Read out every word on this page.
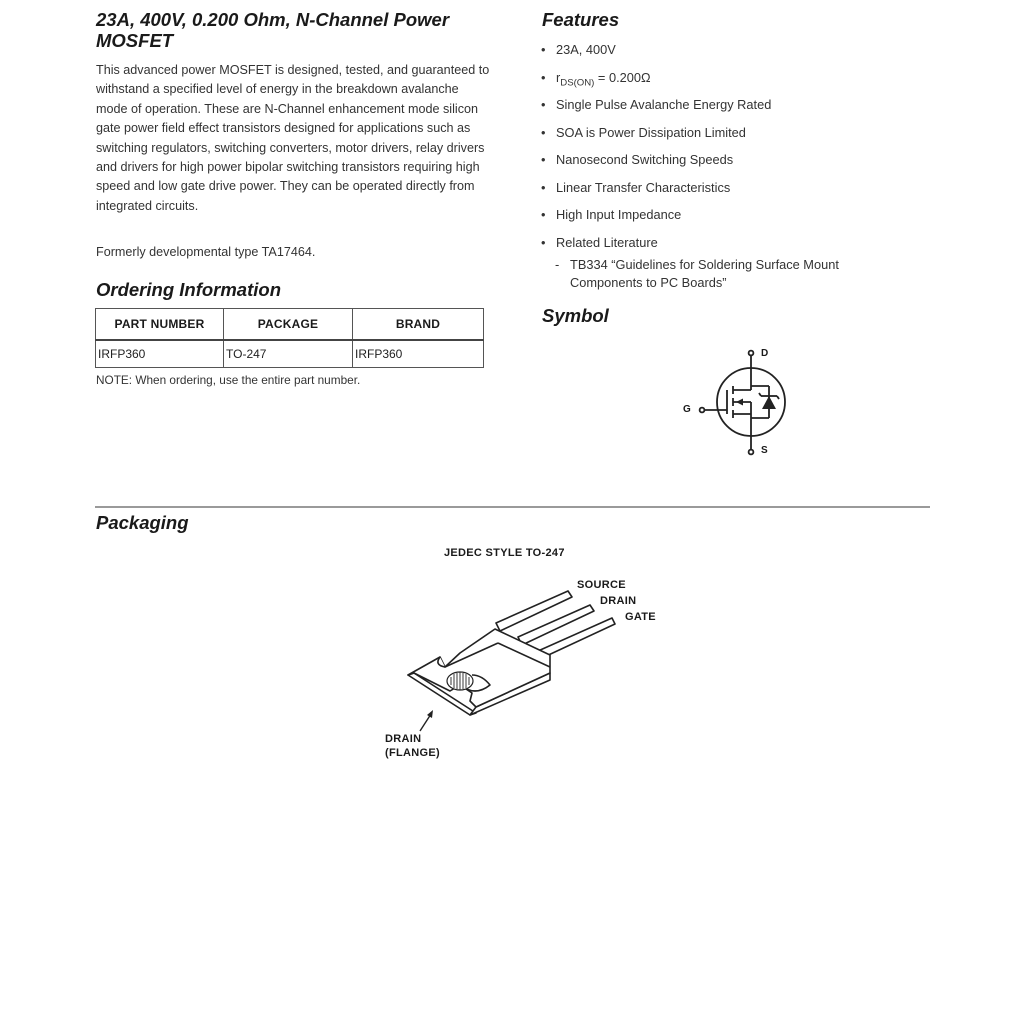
23A, 400V, 0.200 Ohm, N-Channel Power MOSFET

This advanced power MOSFET is designed, tested, and guaranteed to withstand a specified level of energy in the breakdown avalanche mode of operation. These are N-Channel enhancement mode silicon gate power field effect transistors designed for applications such as switching regulators, switching converters, motor drivers, relay drivers and drivers for high power bipolar switching transistors requiring high speed and low gate drive power. They can be operated directly from integrated circuits.

Formerly developmental type TA17464.

Ordering Information
PART NUMBER	PACKAGE	BRAND
IRFP360	TO-247	IRFP360

NOTE: When ordering, use the entire part number.

Features
• 23A, 400V
• $r_{DS(ON)} = 0.200\Omega$
• Single Pulse Avalanche Energy Rated
• SOA is Power Dissipation Limited
• Nanosecond Switching Speeds
• Linear Transfer Characteristics
• High Input Impedance
• Related Literature
- TB334 “Guidelines for Soldering Surface Mount Components to PC Boards”
Symbol
D
G
S
Packaging
JEDEC STYLE TO-247
SOURCE
DRAIN
GATE
DRAIN
(FLANGE)
